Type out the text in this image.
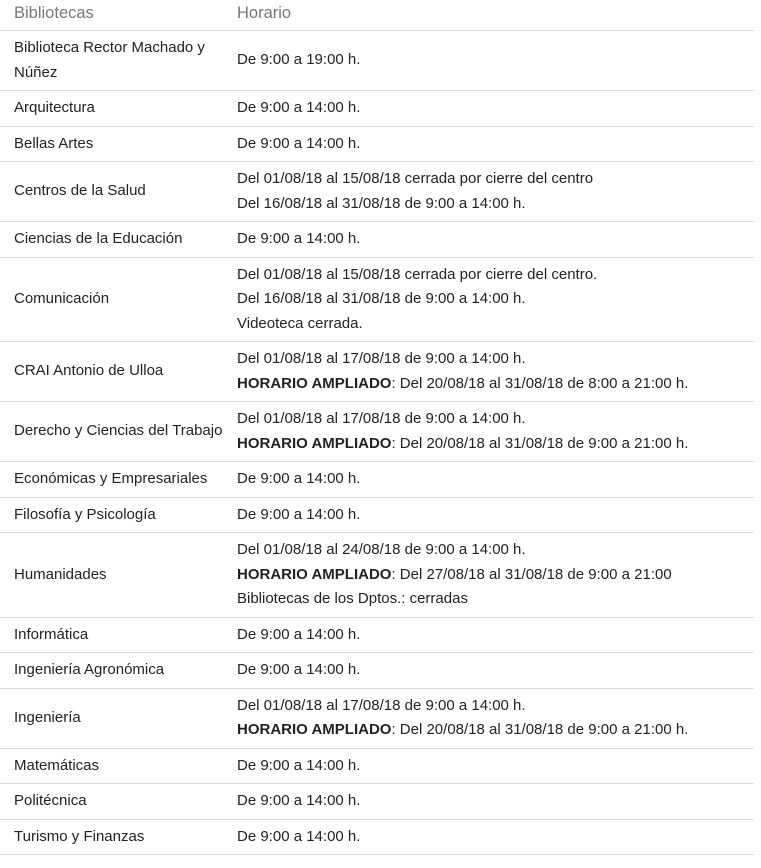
Bibliotecas	Horario
Biblioteca Rector Machado y Núñez	De 9:00 a 19:00 h.

Arquitectura	De 9:00 a 14:00 h.

Bellas Artes	De 9:00 a 14:00 h.

Centros de la Salud	Del 01/08/18 al 15/08/18 cerrada por cierre del centro
Del 16/08/18 al 31/08/18 de 9:00 a 14:00 h.

Ciencias de la Educación	De 9:00 a 14:00 h.

Comunicación	Del 01/08/18 al 15/08/18 cerrada por cierre del centro.
Del 16/08/18 al 31/08/18 de 9:00 a 14:00 h.
Videoteca cerrada.

CRAI Antonio de Ulloa	Del 01/08/18 al 17/08/18 de 9:00 a 14:00 h.
HORARIO AMPLIADO: Del 20/08/18 al 31/08/18 de 8:00 a 21:00 h.

Derecho y Ciencias del Trabajo	Del 01/08/18 al 17/08/18 de 9:00 a 14:00 h.
HORARIO AMPLIADO: Del 20/08/18 al 31/08/18 de 9:00 a 21:00 h.

Económicas y Empresariales	De 9:00 a 14:00 h.

Filosofía y Psicología	De 9:00 a 14:00 h.

Humanidades	Del 01/08/18 al 24/08/18 de 9:00 a 14:00 h.
HORARIO AMPLIADO: Del 27/08/18 al 31/08/18 de 9:00 a 21:00
Bibliotecas de los Dptos.: cerradas

Informática	De 9:00 a 14:00 h.

Ingeniería Agronómica	De 9:00 a 14:00 h.

Ingeniería	Del 01/08/18 al 17/08/18 de 9:00 a 14:00 h.
HORARIO AMPLIADO: Del 20/08/18 al 31/08/18 de 9:00 a 21:00 h.

Matemáticas	De 9:00 a 14:00 h.

Politécnica	De 9:00 a 14:00 h.

Turismo y Finanzas	De 9:00 a 14:00 h.
